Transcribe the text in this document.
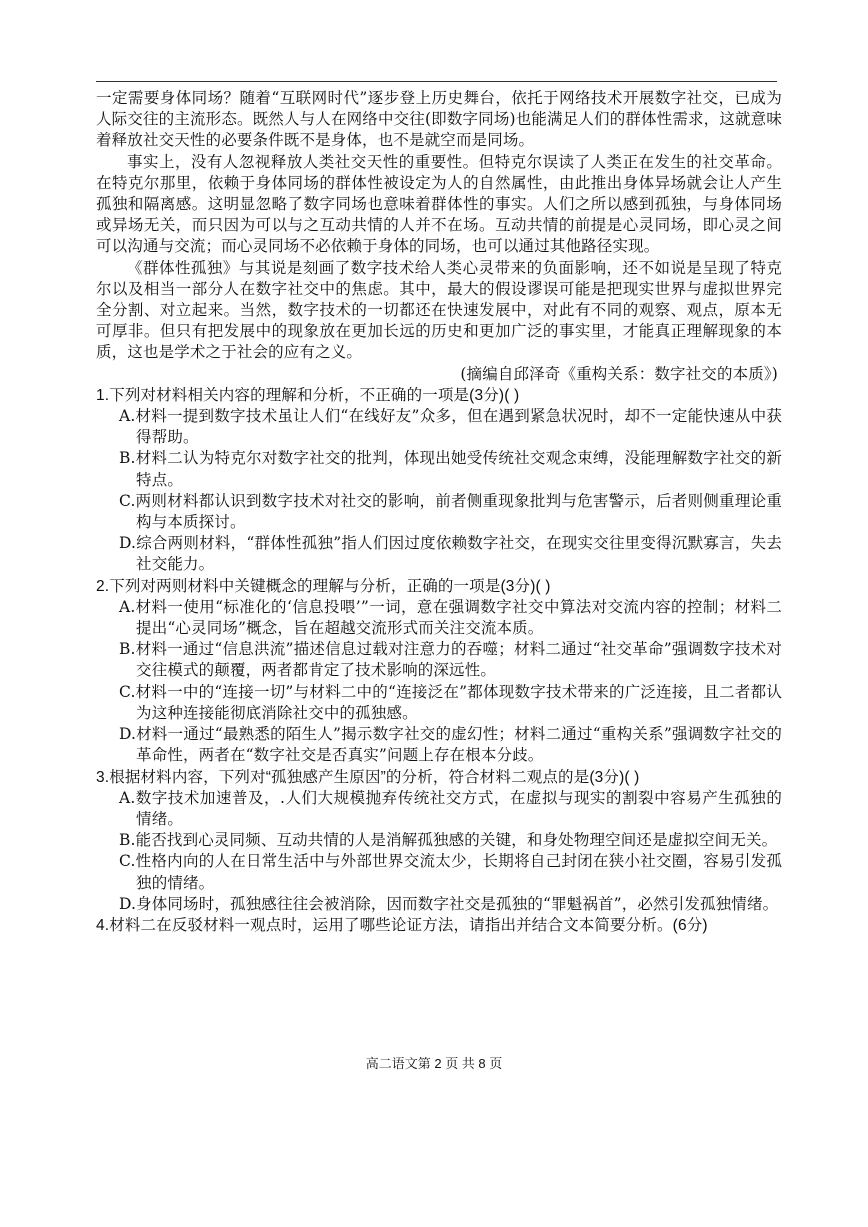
一定需要身体同场？随着“互联网时代”逐步登上历史舞台，依托于网络技术开展数字社交，已成为人际交往的主流形态。既然人与人在网络中交往(即数字同场)也能满足人们的群体性需求，这就意味着释放社交天性的必要条件既不是身体，也不是就空而是同场。

事实上，没有人忽视释放人类社交天性的重要性。但特克尔误读了人类正在发生的社交革命。在特克尔那里，依赖于身体同场的群体性被设定为人的自然属性，由此推出身体异场就会让人产生孤独和隔离感。这明显忽略了数字同场也意味着群体性的事实。人们之所以感到孤独，与身体同场或异场无关，而只因为可以与之互动共情的人并不在场。互动共情的前提是心灵同场，即心灵之间可以沟通与交流；而心灵同场不必依赖于身体的同场，也可以通过其他路径实现。

《群体性孤独》与其说是刻画了数字技术给人类心灵带来的负面影响，还不如说是呈现了特克尔以及相当一部分人在数字社交中的焦虑。其中，最大的假设谬误可能是把现实世界与虚拟世界完全分割、对立起来。当然，数字技术的一切都还在快速发展中，对此有不同的观察、观点，原本无可厚非。但只有把发展中的现象放在更加长远的历史和更加广泛的事实里，才能真正理解现象的本质，这也是学术之于社会的应有之义。

(摘编自邱泽奇《重构关系：数字社交的本质》)

1.下列对材料相关内容的理解和分析，不正确的一项是(3分)( )

A.材料一提到数字技术虽让人们“在线好友”众多，但在遇到紧急状况时，却不一定能快速从中获得帮助。

B.材料二认为特克尔对数字社交的批判，体现出她受传统社交观念束缚，没能理解数字社交的新特点。

C.两则材料都认识到数字技术对社交的影响，前者侧重现象批判与危害警示，后者则侧重理论重构与本质探讨。

D.综合两则材料，“群体性孤独”指人们因过度依赖数字社交，在现实交往里变得沉默寡言，失去社交能力。

2.下列对两则材料中关键概念的理解与分析，正确的一项是(3分)( )

A.材料一使用“标准化的‘信息投喂’”一词，意在强调数字社交中算法对交流内容的控制；材料二提出“心灵同场”概念，旨在超越交流形式而关注交流本质。

B.材料一通过“信息洪流”描述信息过载对注意力的吞噬；材料二通过“社交革命”强调数字技术对交往模式的颠覆，两者都肯定了技术影响的深远性。

C.材料一中的“连接一切”与材料二中的“连接泛在”都体现数字技术带来的广泛连接，且二者都认为这种连接能彻底消除社交中的孤独感。

D.材料一通过“最熟悉的陌生人”揭示数字社交的虚幻性；材料二通过“重构关系”强调数字社交的革命性，两者在“数字社交是否真实”问题上存在根本分歧。

3.根据材料内容，下列对“孤独感产生原因”的分析，符合材料二观点的是(3分)( )

A.数字技术加速普及，.人们大规模抛弃传统社交方式，在虚拟与现实的割裂中容易产生孤独的情绪。

B.能否找到心灵同频、互动共情的人是消解孤独感的关键，和身处物理空间还是虚拟空间无关。

C.性格内向的人在日常生活中与外部世界交流太少，长期将自己封闭在狭小社交圈，容易引发孤独的情绪。

D.身体同场时，孤独感往往会被消除，因而数字社交是孤独的“罪魁祸首”，必然引发孤独情绪。

4.材料二在反驳材料一观点时，运用了哪些论证方法，请指出并结合文本简要分析。(6分)

高二语文第 2 页 共 8 页
